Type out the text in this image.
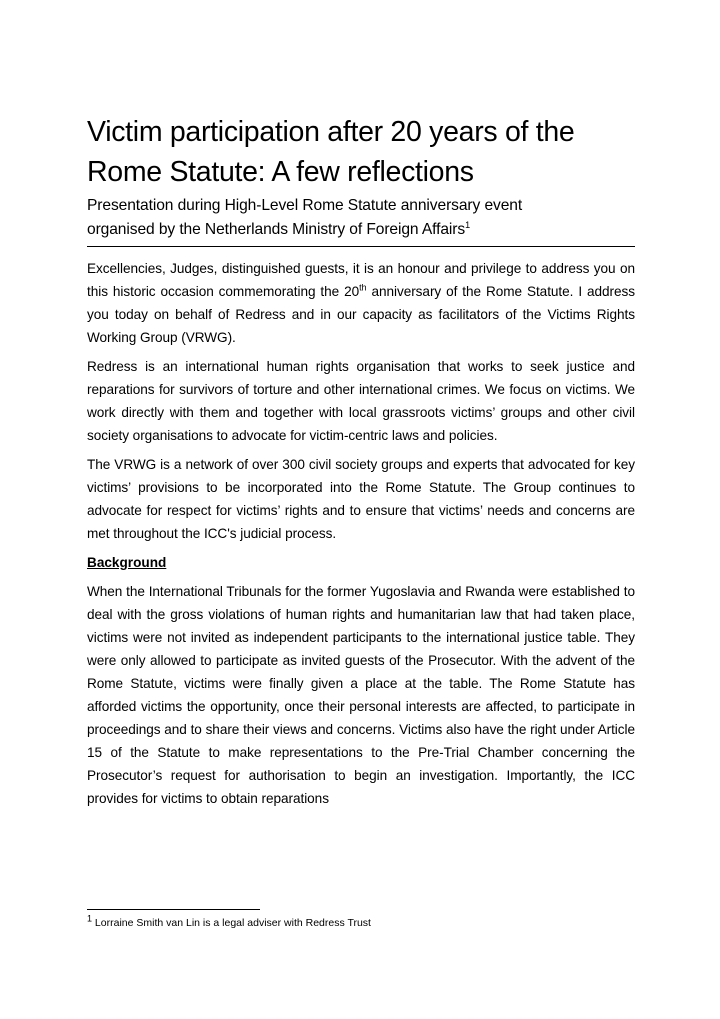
Victim participation after 20 years of the
Rome Statute: A few reflections
Presentation during High-Level Rome Statute anniversary event
organised by the Netherlands Ministry of Foreign Affairs$^1$

Excellencies, Judges, distinguished guests, it is an honour and privilege to address you on this historic occasion commemorating the 20th anniversary of the Rome Statute. I address you today on behalf of Redress and in our capacity as facilitators of the Victims Rights Working Group (VRWG).

Redress is an international human rights organisation that works to seek justice and reparations for survivors of torture and other international crimes. We focus on victims. We work directly with them and together with local grassroots victims’ groups and other civil society organisations to advocate for victim-centric laws and policies.

The VRWG is a network of over 300 civil society groups and experts that advocated for key victims’ provisions to be incorporated into the Rome Statute. The Group continues to advocate for respect for victims’ rights and to ensure that victims’ needs and concerns are met throughout the ICC's judicial process.

Background

When the International Tribunals for the former Yugoslavia and Rwanda were established to deal with the gross violations of human rights and humanitarian law that had taken place, victims were not invited as independent participants to the international justice table. They were only allowed to participate as invited guests of the Prosecutor. With the advent of the Rome Statute, victims were finally given a place at the table. The Rome Statute has afforded victims the opportunity, once their personal interests are affected, to participate in proceedings and to share their views and concerns. Victims also have the right under Article 15 of the Statute to make representations to the Pre-Trial Chamber concerning the Prosecutor’s request for authorisation to begin an investigation. Importantly, the ICC provides for victims to obtain reparations

$^1$ Lorraine Smith van Lin is a legal adviser with Redress Trust
